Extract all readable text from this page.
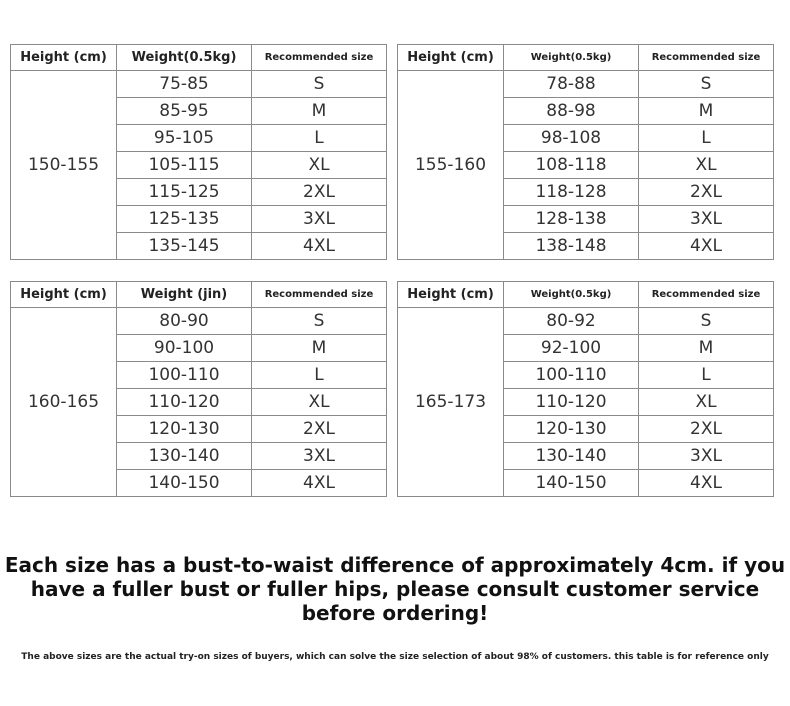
Height (cm)	Weight(0.5kg)	Recommended size
150-155	75-85	S
	85-95	M
	95-105	L
	105-115	XL
	115-125	2XL
	125-135	3XL
	135-145	4XL
Height (cm)	Weight(0.5kg)	Recommended size
155-160	78-88	S
	88-98	M
	98-108	L
	108-118	XL
	118-128	2XL
	128-138	3XL
	138-148	4XL
Height (cm)	Weight (jin)	Recommended size
160-165	80-90	S
	90-100	M
	100-110	L
	110-120	XL
	120-130	2XL
	130-140	3XL
	140-150	4XL
Height (cm)	Weight(0.5kg)	Recommended size
165-173	80-92	S
	92-100	M
	100-110	L
	110-120	XL
	120-130	2XL
	130-140	3XL
	140-150	4XL
Each size has a bust-to-waist difference of approximately 4cm. if you have a fuller bust or fuller hips, please consult customer service before ordering!
The above sizes are the actual try-on sizes of buyers, which can solve the size selection of about 98% of customers. this table is for reference only
